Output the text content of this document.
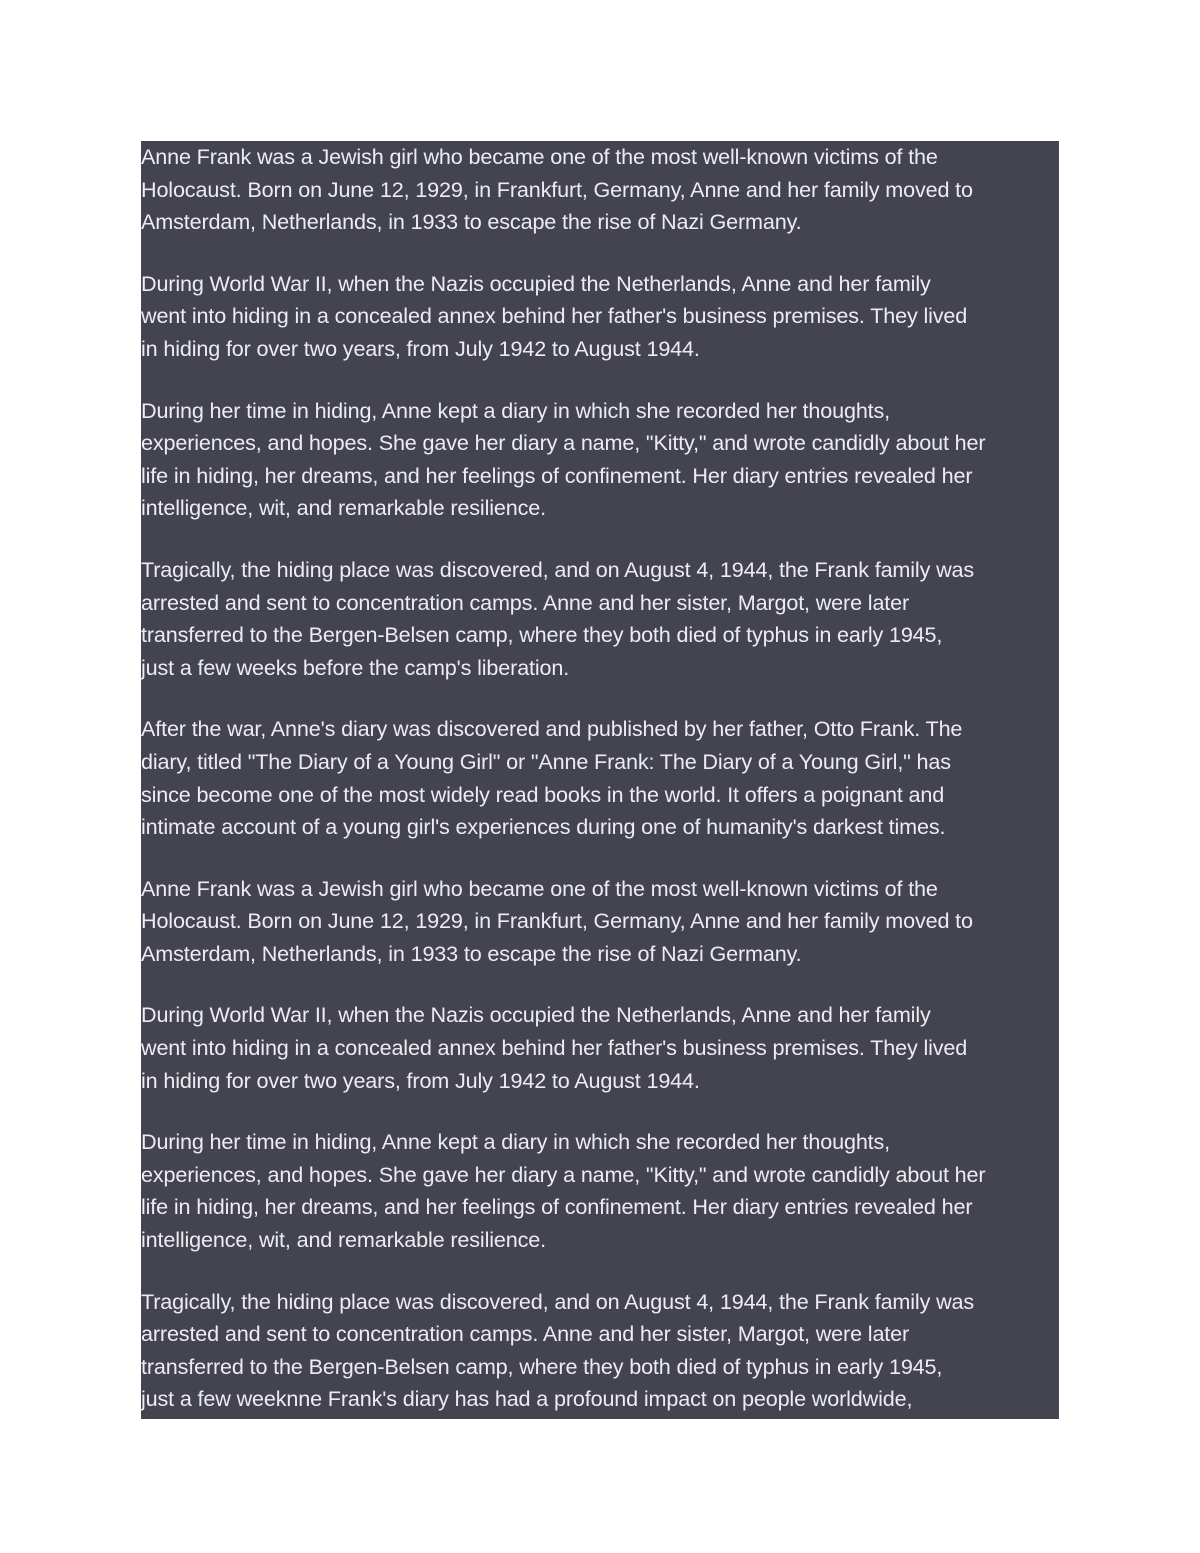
Anne Frank was a Jewish girl who became one of the most well-known victims of the
Holocaust. Born on June 12, 1929, in Frankfurt, Germany, Anne and her family moved to
Amsterdam, Netherlands, in 1933 to escape the rise of Nazi Germany.

During World War II, when the Nazis occupied the Netherlands, Anne and her family
went into hiding in a concealed annex behind her father's business premises. They lived
in hiding for over two years, from July 1942 to August 1944.

During her time in hiding, Anne kept a diary in which she recorded her thoughts,
experiences, and hopes. She gave her diary a name, "Kitty," and wrote candidly about her
life in hiding, her dreams, and her feelings of confinement. Her diary entries revealed her
intelligence, wit, and remarkable resilience.

Tragically, the hiding place was discovered, and on August 4, 1944, the Frank family was
arrested and sent to concentration camps. Anne and her sister, Margot, were later
transferred to the Bergen-Belsen camp, where they both died of typhus in early 1945,
just a few weeks before the camp's liberation.

After the war, Anne's diary was discovered and published by her father, Otto Frank. The
diary, titled "The Diary of a Young Girl" or "Anne Frank: The Diary of a Young Girl," has
since become one of the most widely read books in the world. It offers a poignant and
intimate account of a young girl's experiences during one of humanity's darkest times.

Anne Frank was a Jewish girl who became one of the most well-known victims of the
Holocaust. Born on June 12, 1929, in Frankfurt, Germany, Anne and her family moved to
Amsterdam, Netherlands, in 1933 to escape the rise of Nazi Germany.

During World War II, when the Nazis occupied the Netherlands, Anne and her family
went into hiding in a concealed annex behind her father's business premises. They lived
in hiding for over two years, from July 1942 to August 1944.

During her time in hiding, Anne kept a diary in which she recorded her thoughts,
experiences, and hopes. She gave her diary a name, "Kitty," and wrote candidly about her
life in hiding, her dreams, and her feelings of confinement. Her diary entries revealed her
intelligence, wit, and remarkable resilience.

Tragically, the hiding place was discovered, and on August 4, 1944, the Frank family was
arrested and sent to concentration camps. Anne and her sister, Margot, were later
transferred to the Bergen-Belsen camp, where they both died of typhus in early 1945,
just a few weeknne Frank's diary has had a profound impact on people worldwide,
